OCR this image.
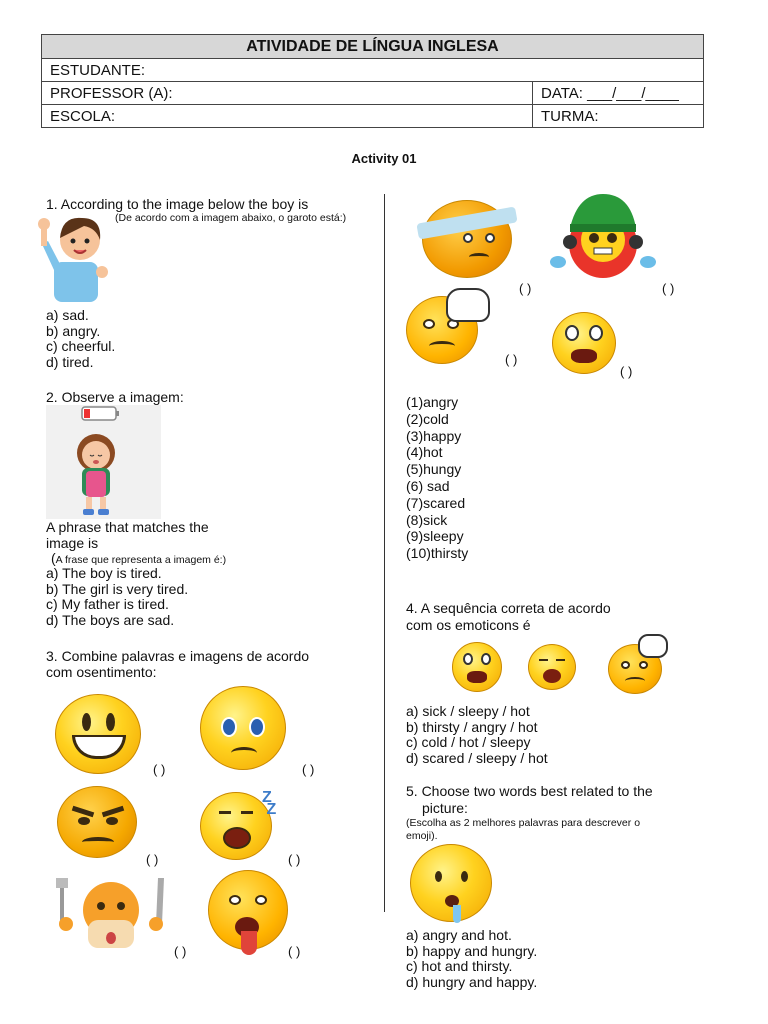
ATIVIDADE DE LÍNGUA INGLESA
ESTUDANTE:
PROFESSOR (A):	DATA: ___/___/____
ESCOLA:	TURMA:
Activity 01
1. According to the image below the boy is
(De acordo com a imagem abaixo, o garoto está:)
a) sad.
b) angry.
c) cheerful.
d) tired.
2. Observe a imagem:
A phrase that matches the
image is
(A frase que representa a imagem é:)
a) The boy is tired.
b) The girl is very tired.
c) My father is tired.
d) The boys are sad.
3. Combine palavras e imagens de acordo
com osentimento:
( )	( )
( )
Z
Z
( )
( )	( )
( )	( )
( )
( )
(1)angry
(2)cold
(3)happy
(4)hot
(5)hungy
(6) sad
(7)scared
(8)sick
(9)sleepy
(10)thirsty
4. A sequência correta de acordo
com os emoticons é
a) sick / sleepy / hot
b) thirsty / angry / hot
c) cold / hot / sleepy
d) scared / sleepy / hot
5. Choose two words best related to the
picture:
(Escolha as 2 melhores palavras para descrever o
emoji).
a) angry and hot.
b) happy and hungry.
c) hot and thirsty.
d) hungry and happy.
